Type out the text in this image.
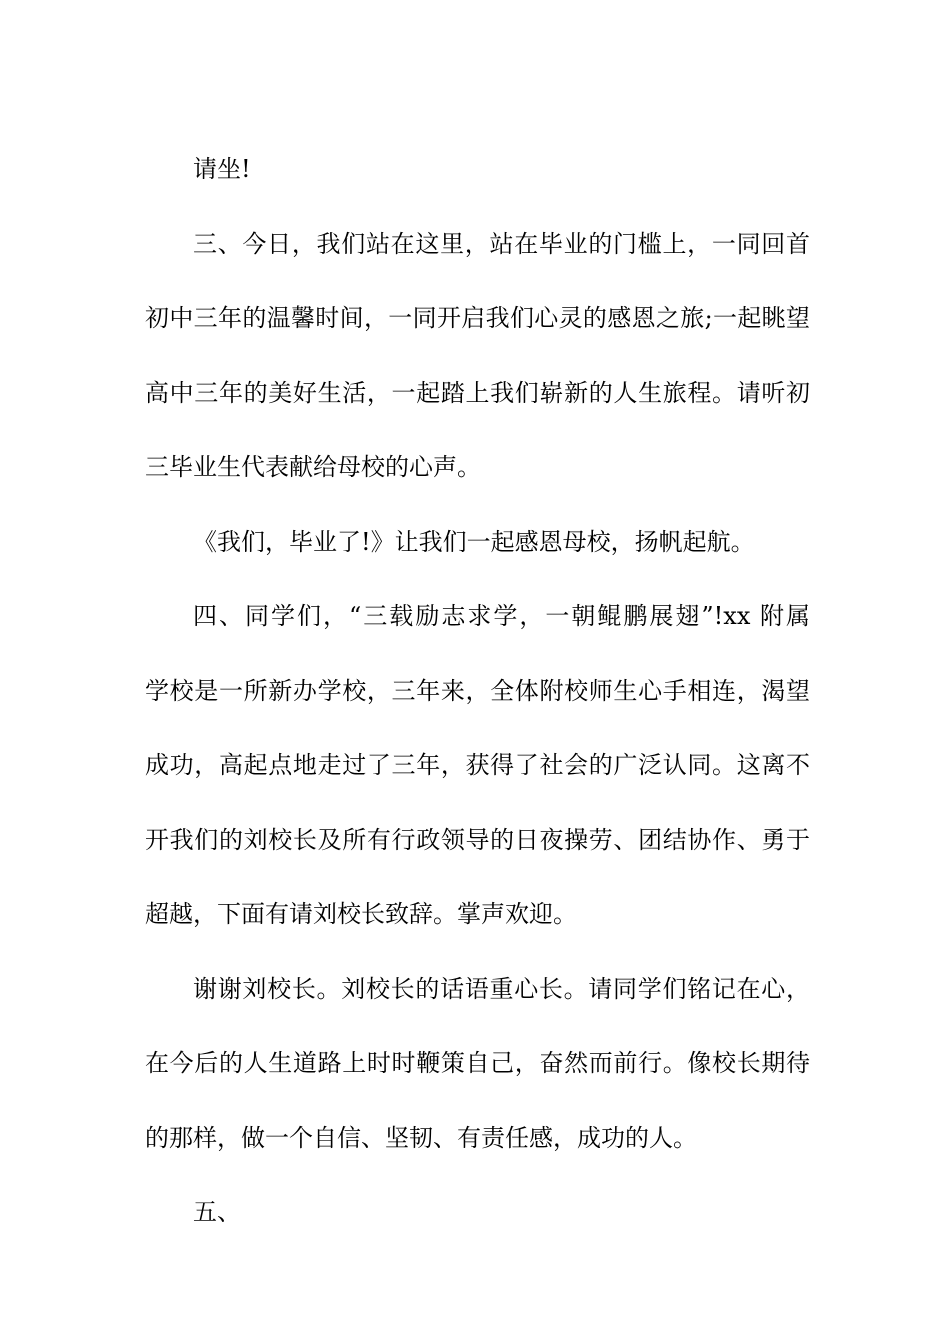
请坐!
三、今日，我们站在这里，站在毕业的门槛上，一同回首
初中三年的温馨时间，一同开启我们心灵的感恩之旅;一起眺望
高中三年的美好生活，一起踏上我们崭新的人生旅程。请听初
三毕业生代表献给母校的心声。
《我们，毕业了!》让我们一起感恩母校，扬帆起航。
四、同学们，“三载励志求学，一朝鲲鹏展翅”!xx 附属
学校是一所新办学校，三年来，全体附校师生心手相连，渴望
成功，高起点地走过了三年，获得了社会的广泛认同。这离不
开我们的刘校长及所有行政领导的日夜操劳、团结协作、勇于
超越，下面有请刘校长致辞。掌声欢迎。
谢谢刘校长。刘校长的话语重心长。请同学们铭记在心，
在今后的人生道路上时时鞭策自己，奋然而前行。像校长期待
的那样，做一个自信、坚韧、有责任感，成功的人。
五、
